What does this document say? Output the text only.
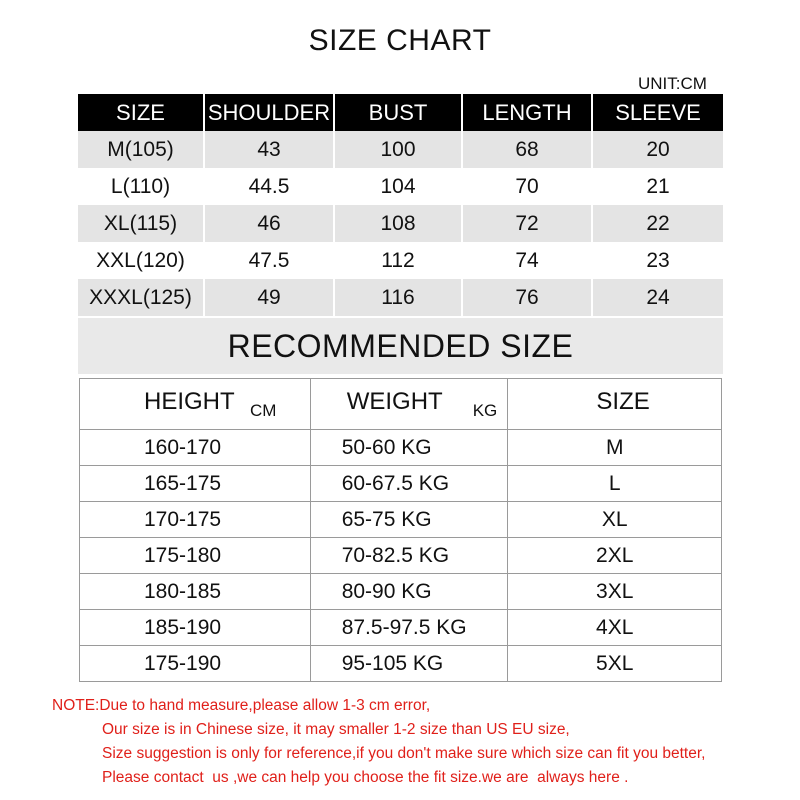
SIZE CHART
UNIT:CM
SIZE	SHOULDER	BUST	LENGTH	SLEEVE
M(105)	43	100	68	20
L(110)	44.5	104	70	21
XL(115)	46	108	72	22
XXL(120)	47.5	112	74	23
XXXL(125)	49	116	76	24
RECOMMENDED SIZE
HEIGHT CM	WEIGHT KG	SIZE

160-170	50-60 KG	M
165-175	60-67.5 KG	L
170-175	65-75 KG	XL
175-180	70-82.5 KG	2XL
180-185	80-90 KG	3XL
185-190	87.5-97.5 KG	4XL
175-190	95-105 KG	5XL
NOTE:Due to hand measure,please allow 1-3 cm error,
Our size is in Chinese size, it may smaller 1-2 size than US EU size,
Size suggestion is only for reference,if you don't make sure which size can fit you better,
Please contact  us ,we can help you choose the fit size.we are  always here .
